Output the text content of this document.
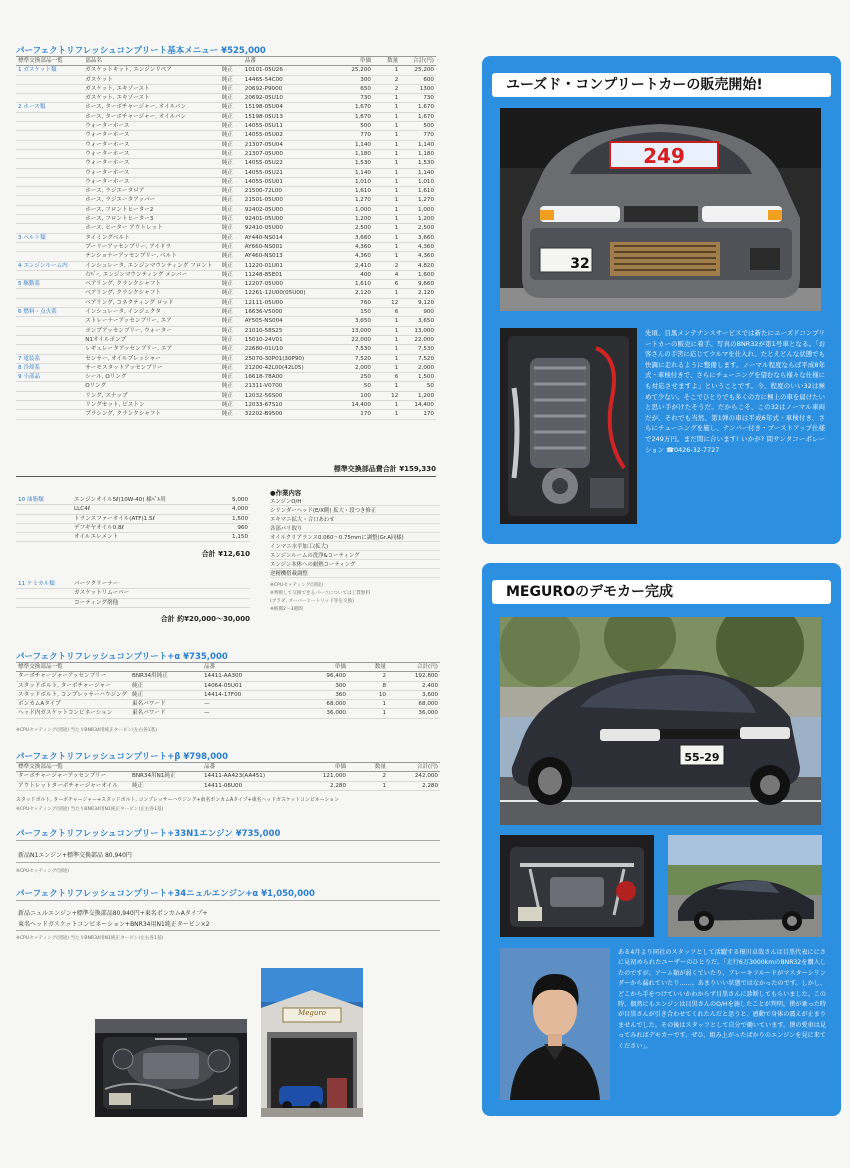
パーフェクトリフレッシュコンプリート基本メニュー ¥525,000
標準交換部品一覧	部品名		品番	単価	数量	合計(円)
1 ガスケット類	ガスケットキット, エンジンリペア	純正	10101-05U26	25,200	1	25,200
	ガスケット	純正	14465-54C00	300	2	600
	ガスケット, エキゾースト	純正	20692-P9000	650	2	1300
	ガスケット, エキゾースト	純正	20692-05U10	730	1	730
2 ホース類	ホース, ターボチャージャー, オイルパン	純正	15198-05U04	1,670	1	1,670
	ホース, ターボチャージャー, オイルパン	純正	15198-05U13	1,670	1	1,670
	ウォーターホース	純正	14055-05U11	500	1	500
	ウォーターホース	純正	14055-05U02	770	1	770
	ウォーターホース	純正	21307-05U04	1,140	1	1,140
	ウォーターホース	純正	21307-05U00	1,180	1	1,180
	ウォーターホース	純正	14055-05U22	1,530	1	1,530
	ウォーターホース	純正	14055-05U21	1,140	1	1,140
	ウォーターホース	純正	14055-05U01	1,010	1	1,010
	ホース, ラジエータロア	純正	21500-72L00	1,610	1	1,610
	ホース, ラジエータアッパー	純正	21501-05U00	1,270	1	1,270
	ホース, フロントヒーター2	純正	92402-05U00	1,000	1	1,000
	ホース, フロントヒーター3	純正	92401-05U00	1,200	1	1,200
	ホース, ヒーター アウトレット	純正	92410-05U00	2,500	1	2,500
3 ベルト類	タイミングベルト	純正	AY440-NS014	3,660	1	3,660
	プーリーアッセンブリー, アイドラ	純正	AY660-NS001	4,360	1	4,360
	テンショナーアッセンブリー, ベルト	純正	AY460-NS013	4,360	1	4,360
4 エンジンルーム内	インシュレータ, エンジンマウンティング フロント	純正	11220-01U01	2,410	2	4,820
	ｲﾝﾊﾞｰ, エンジンマウンティング メンバー	純正	11248-85E01	400	4	1,600
5 駆動系	ベアリング, クランクシャフト	純正	12207-05U00	1,610	6	9,660
	ベアリング, クランクシャフト	純正	12261-12U00(05U00)	2,120	1	2,120
	ベアリング, コネクティング ロッド	純正	12111-05U00	760	12	9,120
6 燃料・点火系	インシュレータ, インジェクタ	純正	16636-V5000	150	6	900
	ストレーナーアッセンブリー, エア	純正	AY505-NS004	3,650	1	3,650
	ポンプアッセンブリー, ウォーター	純正	21010-58S25	13,000	1	13,000
	N1オイルポンプ	純正	15010-24V01	22,000	1	22,000
	レギュレータアッセンブリー, エア	純正	22680-01U10	7,530	1	7,530
7 電装系	センサー, オイルプレッシャー	純正	25070-30P01(30P90)	7,520	1	7,520
8 冷却系	サーモスタットアッセンブリー	純正	21200-42L00(42L05)	2,000	1	2,000
9 小部品	シール, Oリング	純正	16618-78A00	250	6	1,500
	Oリング	純正	21311-V0700	50	1	50
	リング, スナップ	純正	12032-56S00	100	12	1,200
	リングセット, ピストン	純正	12033-67S10	14,400	1	14,400
	プラシング, クランクシャフト	純正	32202-B9500	170	1	170
標準交換部品費合計 ¥159,330
10 油脂類	エンジンオイル5ℓ(10W-40) 様ﾍﾟﾙ用	5,000
	LLC4ℓ	4,000
	トランスファーオイル(ATF)1.5ℓ	1,500
	デフギヤオイル0.8ℓ	960
	オイルエレメント	1,150
合計 ¥12,610
11 ケミカル類	パーツクリーナー
	ガスケットリムーバー
	コーティング剤他
合計 約¥20,000〜30,000
●作業内容
エンジンO/H
シリンダーヘッド(E/X側) 拡大・段つき修正
エキマニ拡大・合口あわせ
各部バリ取り
オイルクリアランス0.060〜0.75mmに調整(Gr.A同様)
インマニ水平加工(拡大)
エンジンルームの洗浄&コーティング
エンジン本体への耐熱コーティング
逆精機搭載調整
※CPUセッティング(別途)
※判断して交換できるパーツについては工賃無料
(ブラダ, オーバーヒートリッド等を交換)
※納期2〜3週間
パーフェクトリフレッシュコンプリート+α ¥735,000
標準交換部品一覧		品番	単価	数量	合計(円)
ターボチャージャーアッセンブリー	BNR34用純正	14411-AA300	96,400	2	192,800
スタッドボルト, ターボチャージャー	純正	14064-05U01	300	8	2,400
スタッドボルト, コンプレッサーハウジング	純正	14414-17F00	360	10	3,600
ボンカムAタイプ	東名パワード	—	68,000	1	68,000
ヘッド内ガスケットコンビネーション	東名パワード	—	36,000	1	36,000
※CPUセッティング(別途) 当たりBNR34用純正タービン(左右各1基)
パーフェクトリフレッシュコンプリート+β ¥798,000
標準交換部品一覧		品番	単価	数量	合計(円)
ターボチャージャーアッセンブリー	BNR34用N1純正	14411-AA423(AA451)	121,000	2	242,000
アウトレットターボチャージャーオイル	純正	14411-06U00	2,280	1	2,280
スタッドボルト, ターボチャージャー+スタッドボルト, コンプレッサーハウジング+東名ポンカムAタイプ+東名ヘッドガスケットコンビネーション
※CPUセッティング(別途) 当たりBNR34用N1純正タービン(左右各1基)
パーフェクトリフレッシュコンプリート+33N1エンジン ¥735,000
新品N1エンジン+標準交換部品 80,940円
※CPUセッティング(別途)
パーフェクトリフレッシュコンプリート+34ニュルエンジン+α ¥1,050,000
新品ニュルエンジン+標準交換部品80,940円+東名ポンカムAタイプ+
東名ヘッドガスケットコンビネーション+BNR34用N1純正タービン×2
※CPUセッティング(別途) 当たりBNR34用N1純正タービン(左右各1基)
Meguro
ユーズド・コンプリートカーの販売開始!
249
32
先頃、目黒メンテナンスサービスでは新たにユーズドコンプリートカーの販売に着手。写真のBNR32が第1号車となる。「お客さんの手筈に応じてクルマを仕入れ、たとえどんな状態でも快調に走れるように整備します。ノーマル程度ならば平成8年式・車検付きで、さらにチューニングを望むなら様々な仕様にも対応させますよ」ということです。今、程度のいい32は極めて少ない。そこでひとりでも多くの方に極上の車を届けたいと思い手がけたそうだ。だからこそ、この32はノーマル車両だが、それでも当然、第1弾の車は平成6年式・車検付き、さらにチューニングを施し、ナンバー付き・ブーストアップ仕様で249万円。まだ間に合います! いかが? 問サンタコーポレーション ☎0426-32-7727
MEGUROのデモカー完成
55-29
ある4月より同社のスタッフとして活躍する榎川卓哉さんは目黒代表ににさに見初められたユーザーのひとりだ。「走行6万3000kmのBNR32を購入したのですが、アーム類が弱くていたり、ブレーキフルードがマスターシリンダーから漏れていたり……。あまりいい状態ではなかったのです。しかし、どこから手をつけていいかわからず目黒さんに診断してもらいました。この時、偶然にもエンジンは目黒さんのO/Hを施したことが判明。僕が乗った時が目黒さんが引き合わせてくれたんだと思うと、感動で身体の震えが止まりませんでした。その後はスタッフとして自分で働いています。僕の愛車は見ってみればデモカーです。ぜひ、組み上がったばかりのエンジンを見に来てください」。
